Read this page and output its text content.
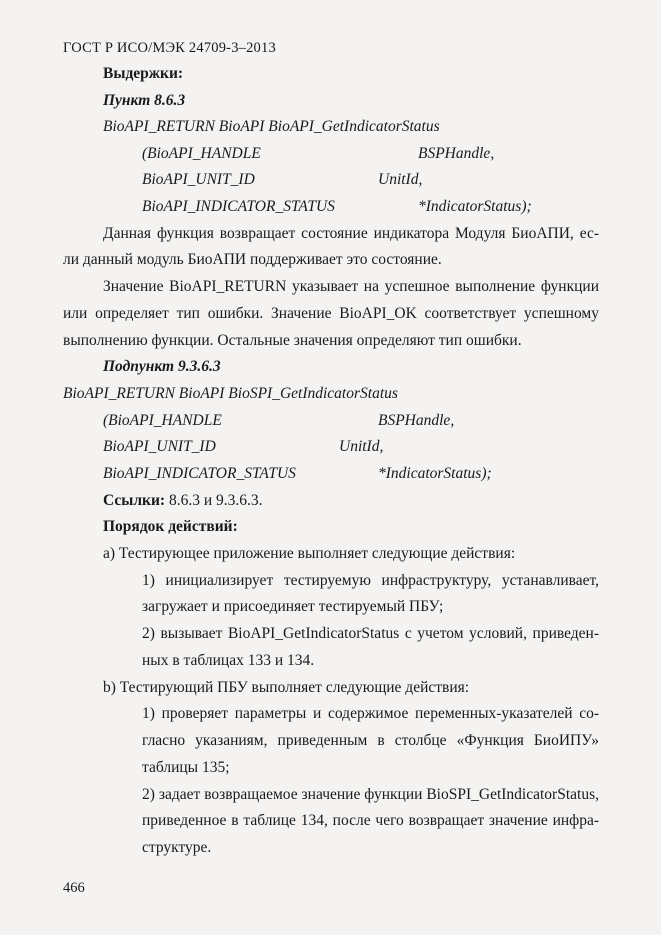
ГОСТ Р ИСО/МЭК 24709-3–2013
Выдержки:
Пункт 8.6.3
BioAPI_RETURN BioAPI BioAPI_GetIndicatorStatus
(BioAPI_HANDLE	BSPHandle,
BioAPI_UNIT_ID	UnitId,
BioAPI_INDICATOR_STATUS	*IndicatorStatus);
Данная функция возвращает состояние индикатора Модуля БиоАПИ, ес-
ли данный модуль БиоАПИ поддерживает это состояние.
Значение BioAPI_RETURN указывает на успешное выполнение функции
или определяет тип ошибки. Значение BioAPI_OK соответствует успешному
выполнению функции. Остальные значения определяют тип ошибки.
Подпункт 9.3.6.3
BioAPI_RETURN BioAPI BioSPI_GetIndicatorStatus
(BioAPI_HANDLE	BSPHandle,
BioAPI_UNIT_ID	UnitId,
BioAPI_INDICATOR_STATUS	*IndicatorStatus);
Ссылки: 8.6.3 и 9.3.6.3.
Порядок действий:
а) Тестирующее приложение выполняет следующие действия:
1) инициализирует тестируемую инфраструктуру, устанавливает,
загружает и присоединяет тестируемый ПБУ;
2) вызывает BioAPI_GetIndicatorStatus с учетом условий, приведен-
ных в таблицах 133 и 134.
b) Тестирующий ПБУ выполняет следующие действия:
1) проверяет параметры и содержимое переменных-указателей со-
гласно указаниям, приведенным в столбце «Функция БиоИПУ»
таблицы 135;
2) задает возвращаемое значение функции BioSPI_GetIndicatorStatus,
приведенное в таблице 134, после чего возвращает значение инфра-
структуре.
466
